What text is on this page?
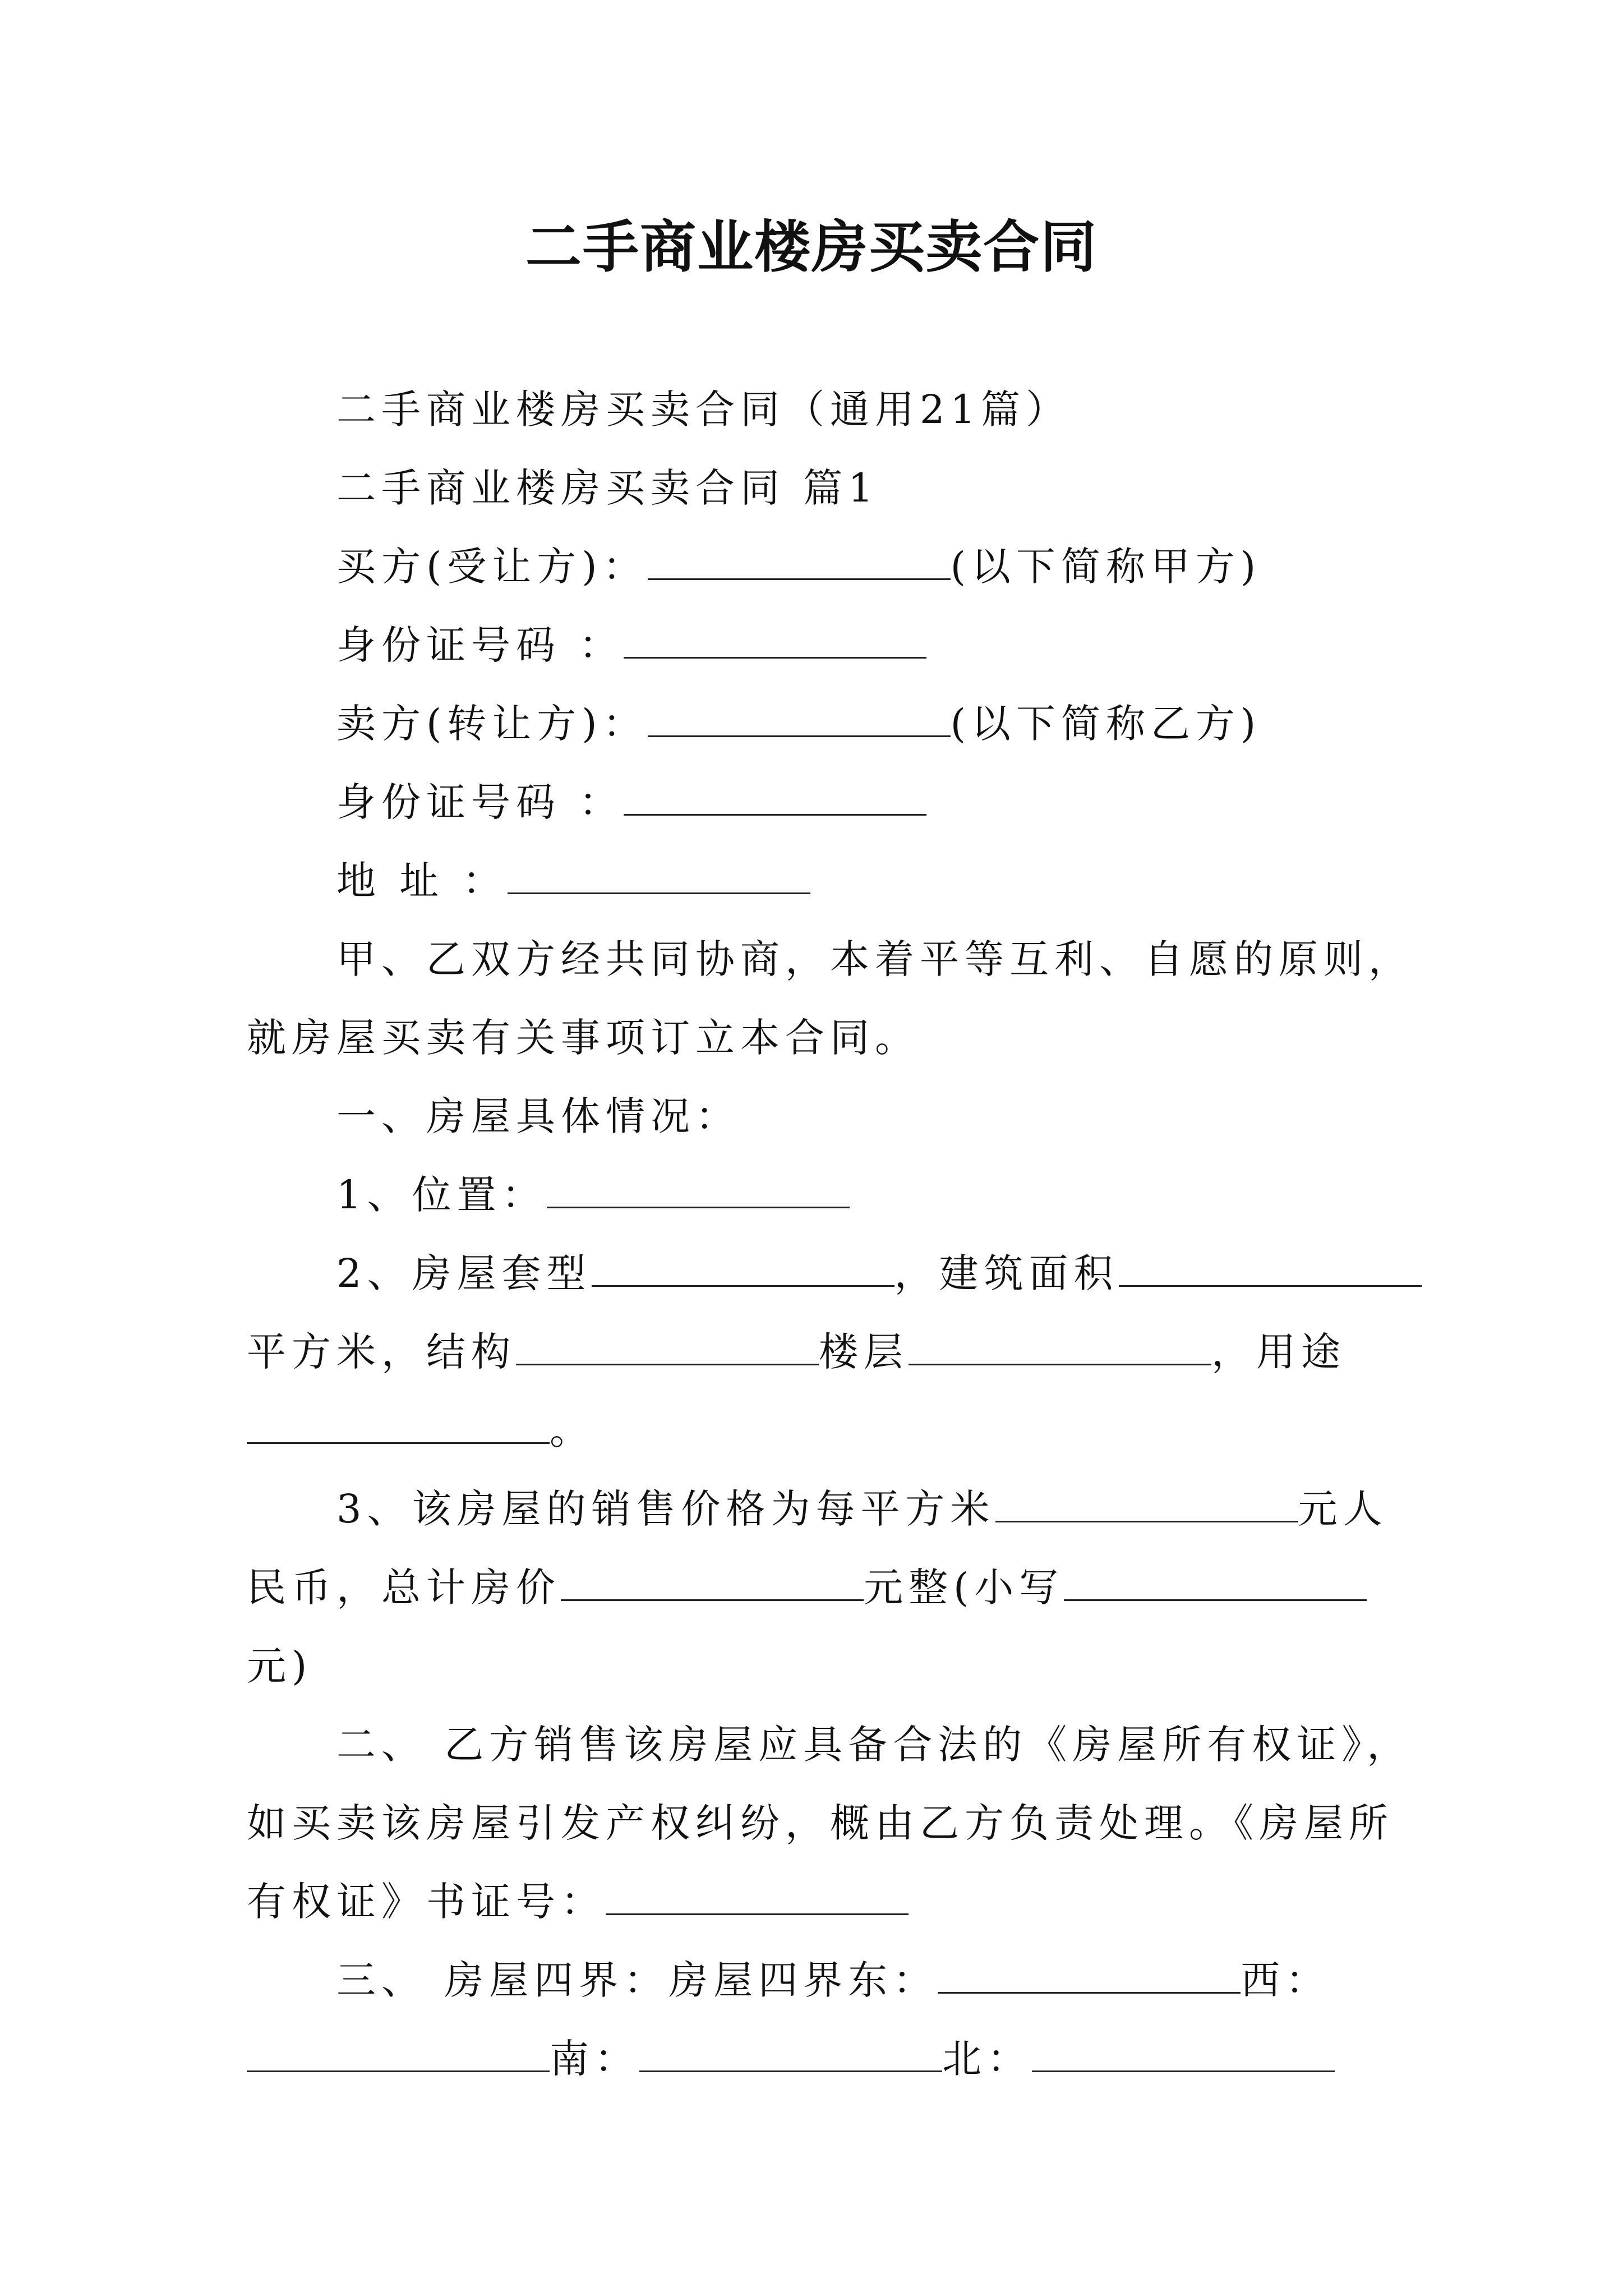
二手商业楼房买卖合同
二手商业楼房买卖合同（通用21篇）
二手商业楼房买卖合同 篇1
买方(受让方)：	(以下简称甲方)
身份证号码 ：
卖方(转让方)：	(以下简称乙方)
身份证号码 ：
地 址 ：
甲、乙双方经共同协商，本着平等互利、自愿的原则，
就房屋买卖有关事项订立本合同。
一、房屋具体情况：
1、位置：
2、房屋套型	，建筑面积
平方米，结构	楼层	，用途
。
3、该房屋的销售价格为每平方米	元人
民币，总计房价	元整(小写
元)
二、 乙方销售该房屋应具备合法的《房屋所有权证》，
如买卖该房屋引发产权纠纷，概由乙方负责处理。《房屋所
有权证》书证号：
三、 房屋四界：房屋四界东：	西：
南：	北：
